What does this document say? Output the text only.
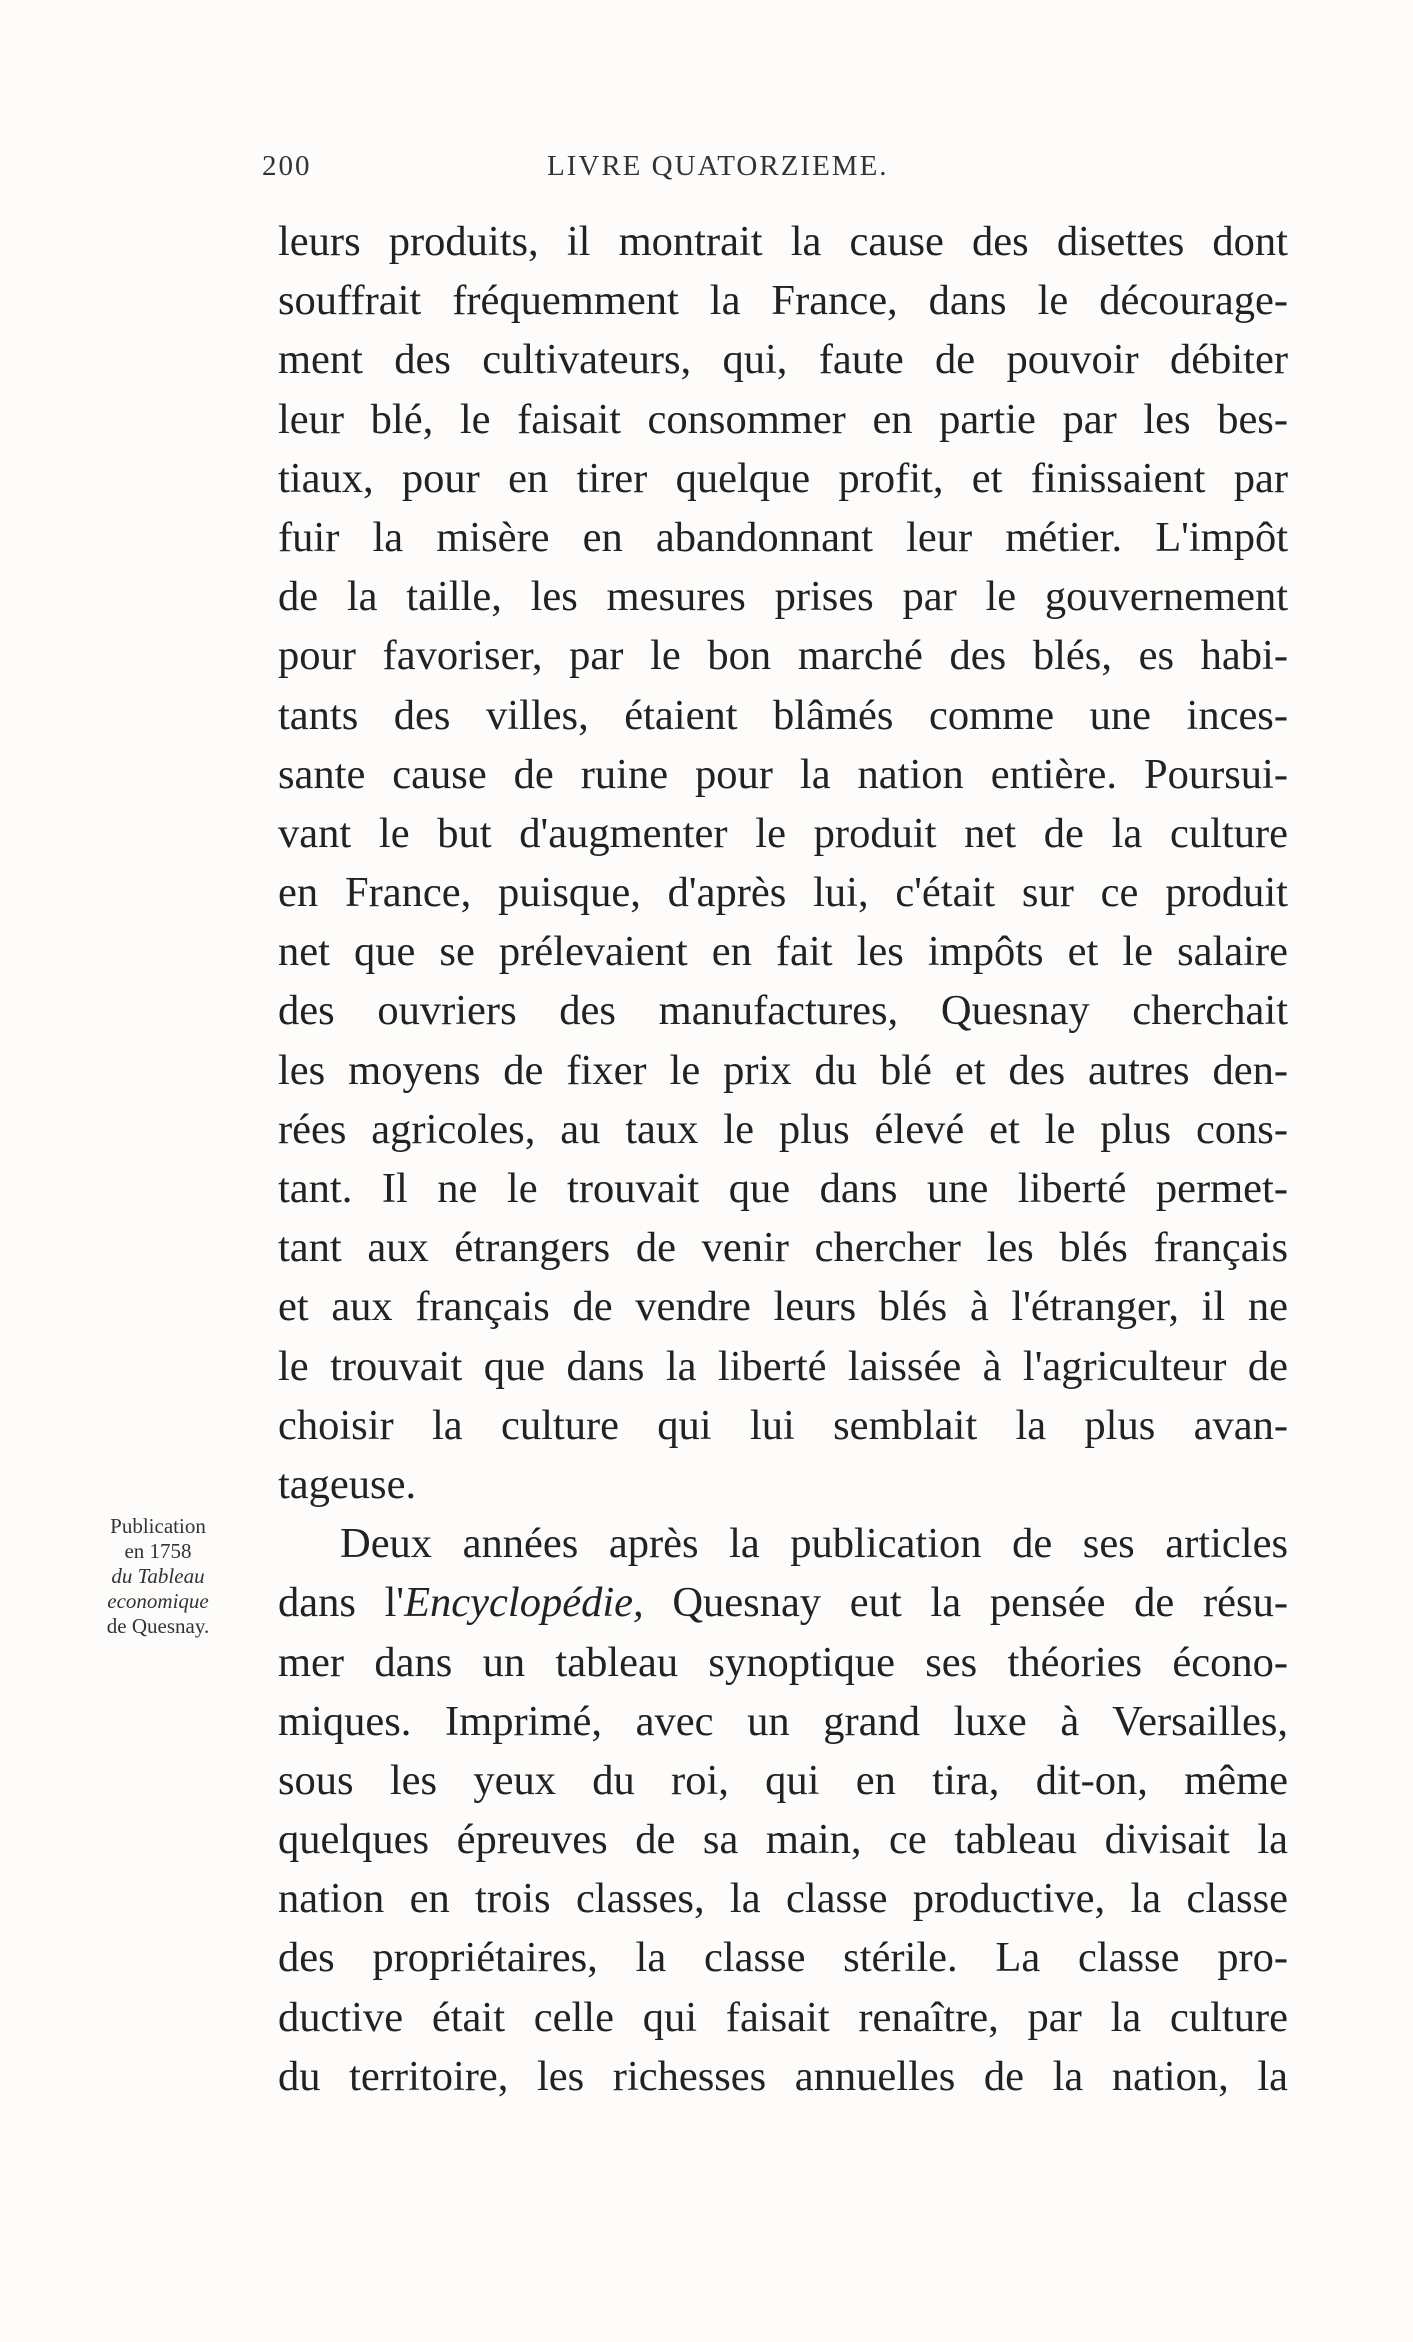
200	LIVRE QUATORZIEME.
Publication
en 1758
du Tableau
economique
de Quesnay.
leurs produits, il montrait la cause des disettes dont
souffrait fréquemment la France, dans le décourage-
ment des cultivateurs, qui, faute de pouvoir débiter
leur blé, le faisait consommer en partie par les bes-
tiaux, pour en tirer quelque profit, et finissaient par
fuir la misère en abandonnant leur métier. L'impôt
de la taille, les mesures prises par le gouvernement
pour favoriser, par le bon marché des blés, es habi-
tants des villes, étaient blâmés comme une inces-
sante cause de ruine pour la nation entière. Poursui-
vant le but d'augmenter le produit net de la culture
en France, puisque, d'après lui, c'était sur ce produit
net que se prélevaient en fait les impôts et le salaire
des ouvriers des manufactures, Quesnay cherchait
les moyens de fixer le prix du blé et des autres den-
rées agricoles, au taux le plus élevé et le plus cons-
tant. Il ne le trouvait que dans une liberté permet-
tant aux étrangers de venir chercher les blés français
et aux français de vendre leurs blés à l'étranger, il ne
le trouvait que dans la liberté laissée à l'agriculteur de
choisir la culture qui lui semblait la plus avan-
tageuse.
Deux années après la publication de ses articles
dans l'Encyclopédie, Quesnay eut la pensée de résu-
mer dans un tableau synoptique ses théories écono-
miques. Imprimé, avec un grand luxe à Versailles,
sous les yeux du roi, qui en tira, dit-on, même
quelques épreuves de sa main, ce tableau divisait la
nation en trois classes, la classe productive, la classe
des propriétaires, la classe stérile. La classe pro-
ductive était celle qui faisait renaître, par la culture
du territoire, les richesses annuelles de la nation, la
